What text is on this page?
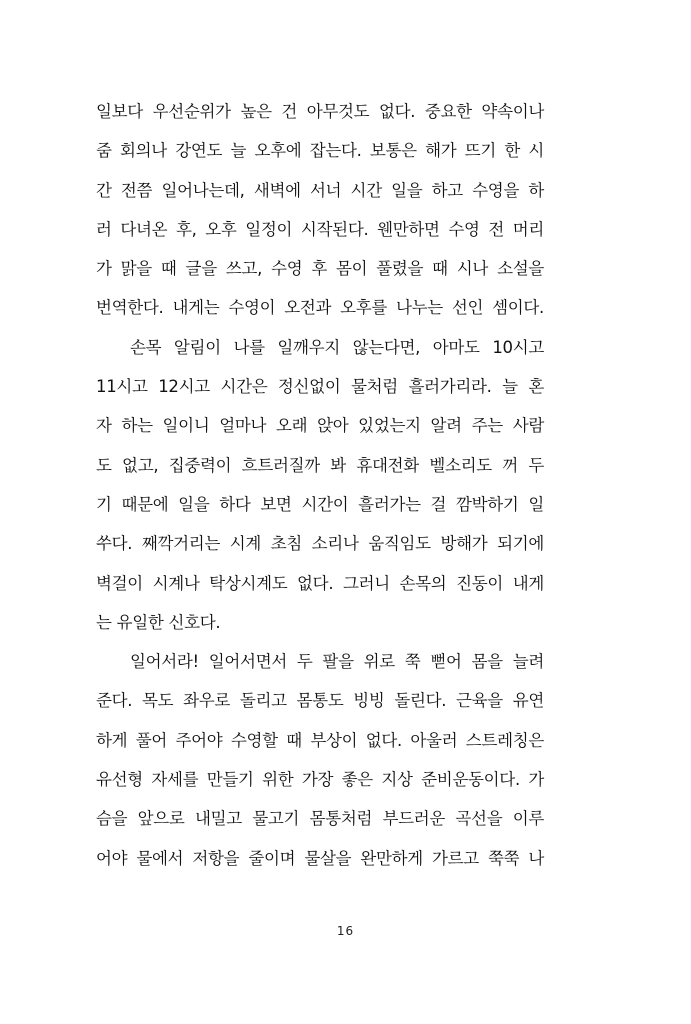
일보다 우선순위가 높은 건 아무것도 없다. 중요한 약속이나
줌 회의나 강연도 늘 오후에 잡는다. 보통은 해가 뜨기 한 시
간 전쯤 일어나는데, 새벽에 서너 시간 일을 하고 수영을 하
러 다녀온 후, 오후 일정이 시작된다. 웬만하면 수영 전 머리
가 맑을 때 글을 쓰고, 수영 후 몸이 풀렸을 때 시나 소설을
번역한다. 내게는 수영이 오전과 오후를 나누는 선인 셈이다.
손목 알림이 나를 일깨우지 않는다면, 아마도 10시고
11시고 12시고 시간은 정신없이 물처럼 흘러가리라. 늘 혼
자 하는 일이니 얼마나 오래 앉아 있었는지 알려 주는 사람
도 없고, 집중력이 흐트러질까 봐 휴대전화 벨소리도 꺼 두
기 때문에 일을 하다 보면 시간이 흘러가는 걸 깜박하기 일
쑤다. 째깍거리는 시계 초침 소리나 움직임도 방해가 되기에
벽걸이 시계나 탁상시계도 없다. 그러니 손목의 진동이 내게
는 유일한 신호다.
일어서라! 일어서면서 두 팔을 위로 쭉 뻗어 몸을 늘려
준다. 목도 좌우로 돌리고 몸통도 빙빙 돌린다. 근육을 유연
하게 풀어 주어야 수영할 때 부상이 없다. 아울러 스트레칭은
유선형 자세를 만들기 위한 가장 좋은 지상 준비운동이다. 가
슴을 앞으로 내밀고 물고기 몸통처럼 부드러운 곡선을 이루
어야 물에서 저항을 줄이며 물살을 완만하게 가르고 쭉쭉 나
16
